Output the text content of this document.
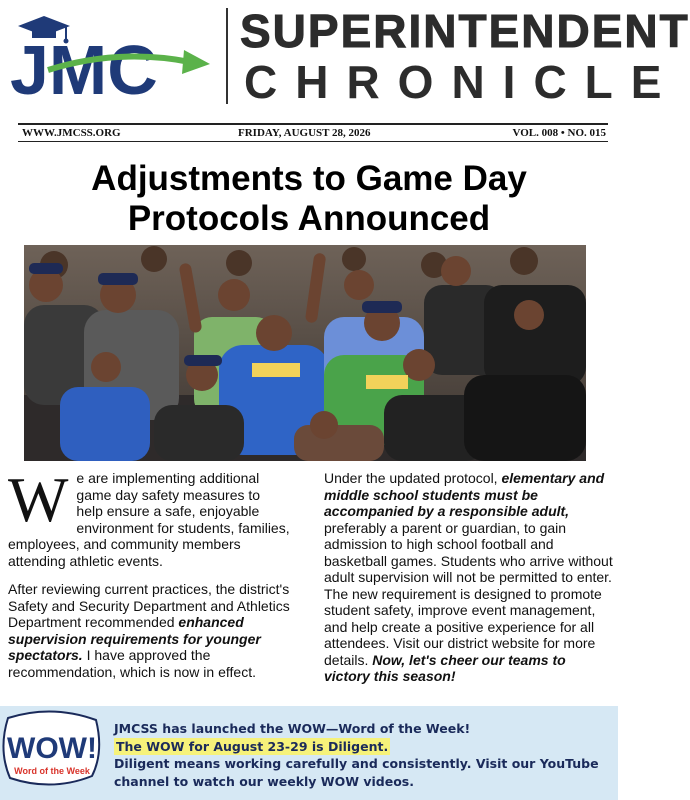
JMC SUPERINTENDENT
CHRONICLE
WWW.JMCSS.ORG	FRIDAY, AUGUST 28, 2026	VOL. 008 • NO. 015
Adjustments to Game Day Protocols Announced

W e are implementing additional game day safety measures to help ensure a safe, enjoyable environment for students, families, employees, and community members attending athletic events.

After reviewing current practices, the district's Safety and Security Department and Athletics Department recommended enhanced supervision requirements for younger spectators. I have approved the recommendation, which is now in effect.

Under the updated protocol, elementary and middle school students must be accompanied by a responsible adult, preferably a parent or guardian, to gain admission to high school football and basketball games. Students who arrive without adult supervision will not be permitted to enter. The new requirement is designed to promote student safety, improve event management, and help create a positive experience for all attendees. Visit our district website for more details. Now, let's cheer our teams to victory this season!

WOW!
Word of the Week
JMCSS has launched the WOW—Word of the Week!
The WOW for August 23-29 is Diligent.
Diligent means working carefully and consistently. Visit our YouTube channel to watch our weekly WOW videos.
